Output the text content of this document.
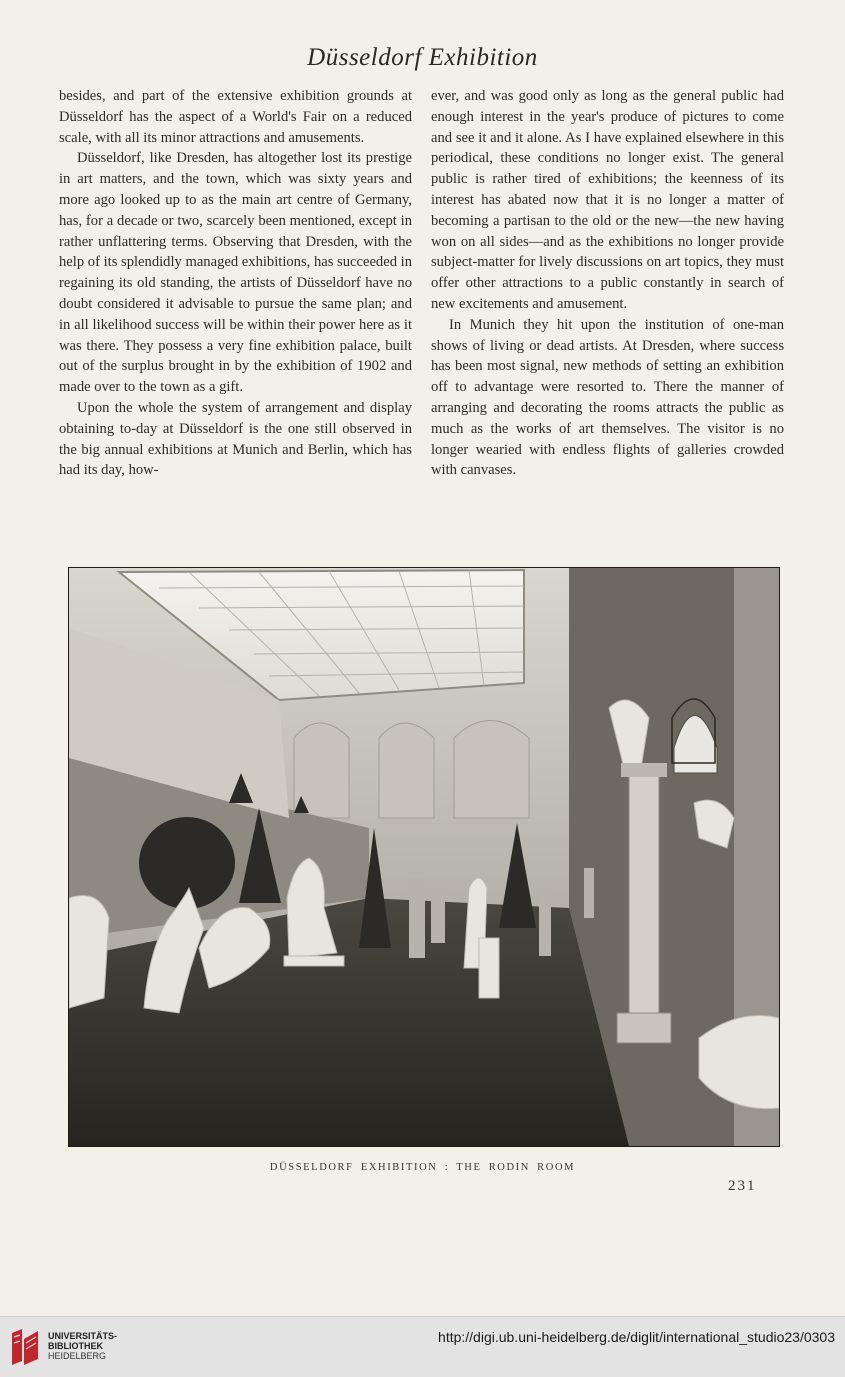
Düsseldorf Exhibition

besides, and part of the extensive exhibition grounds at Düsseldorf has the aspect of a World's Fair on a reduced scale, with all its minor attractions and amusements.

Düsseldorf, like Dresden, has altogether lost its prestige in art matters, and the town, which was sixty years and more ago looked up to as the main art centre of Germany, has, for a decade or two, scarcely been mentioned, except in rather unflattering terms. Observing that Dresden, with the help of its splendidly managed exhibitions, has succeeded in regaining its old standing, the artists of Düsseldorf have no doubt considered it advisable to pursue the same plan; and in all likelihood success will be within their power here as it was there. They possess a very fine exhibition palace, built out of the surplus brought in by the exhibition of 1902 and made over to the town as a gift.

Upon the whole the system of arrangement and display obtaining to-day at Düsseldorf is the one still observed in the big annual exhibitions at Munich and Berlin, which has had its day, how-

ever, and was good only as long as the general public had enough interest in the year's produce of pictures to come and see it and it alone. As I have explained elsewhere in this periodical, these conditions no longer exist. The general public is rather tired of exhibitions; the keenness of its interest has abated now that it is no longer a matter of becoming a partisan to the old or the new—the new having won on all sides—and as the exhibitions no longer provide subject-matter for lively discussions on art topics, they must offer other attractions to a public constantly in search of new excitements and amusement.

In Munich they hit upon the institution of one-man shows of living or dead artists. At Dresden, where success has been most signal, new methods of setting an exhibition off to advantage were resorted to. There the manner of arranging and decorating the rooms attracts the public as much as the works of art themselves. The visitor is no longer wearied with endless flights of galleries crowded with canvases.

DÜSSELDORF EXHIBITION : THE RODIN ROOM
231
UNIVERSITÄTS-
BIBLIOTHEK
HEIDELBERG
http://digi.ub.uni-heidelberg.de/diglit/international_studio23/0303
